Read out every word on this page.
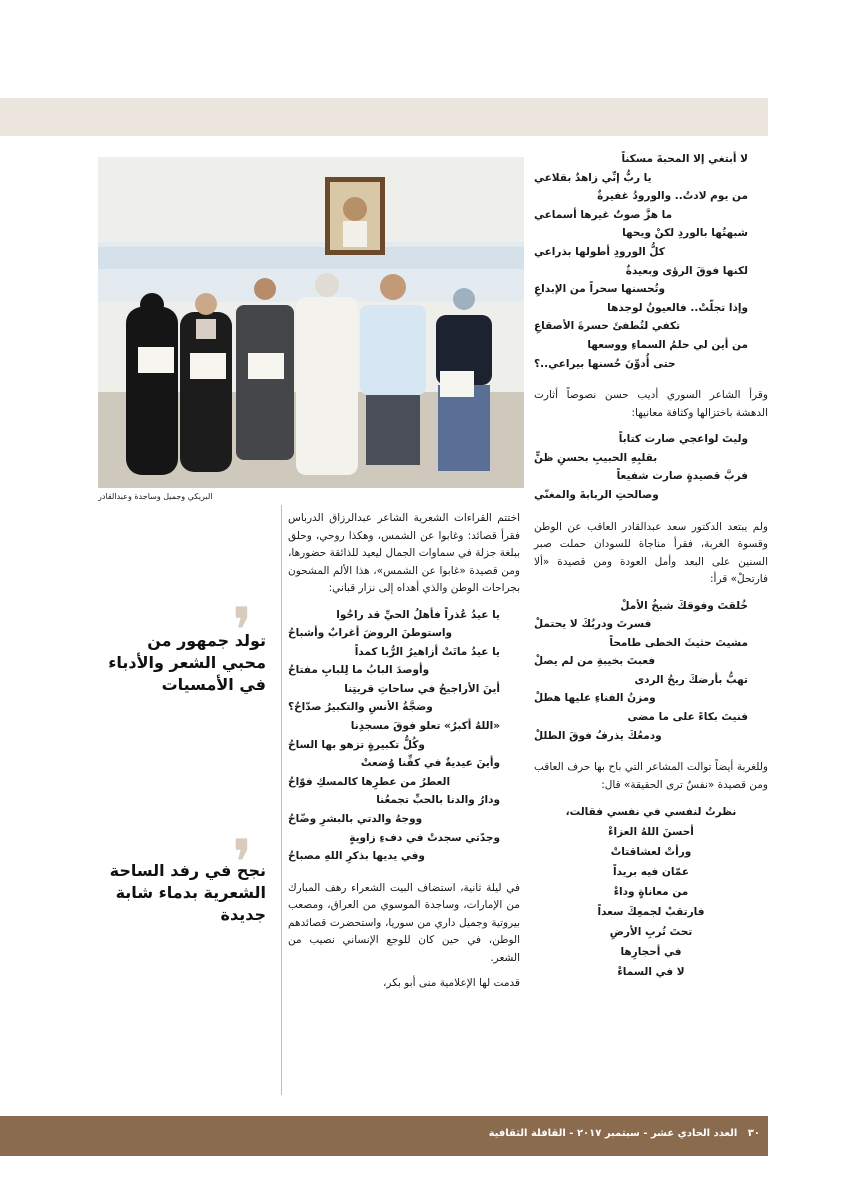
البريكي وجميل وساجدة وعبدالقادر
لا أبتغي إلا المحبةَ مسكناً
يا ربُّ إنِّي زاهدٌ بقلاعي
من يوم لادتُ.. والورودُ غفيرةٌ
ما هزَّ صوتٌ غيرها أسماعي
شبهتُها بالوردِ لكنْ ويحها
كلُّ الورودِ أطولها بذراعي
لكنها فوقَ الرؤى وبعيدةٌ
وتُحسنها سحراً من الإبداعِ
وإذا تجلّتْ.. فالعيونُ لوجدها
تكفي لتُطفئَ حسرةَ الأصقاعِ
من أين لي حلمُ السماءِ ووسعها
حتى أُدوِّنَ حُسنها بيراعي..؟

وقرأ الشاعر السوري أديب حسن نصوصاً أثارت الدهشة باختزالها وكثافة معانيها:

وليتَ لواعجي صارت كتاباً
بقلبِهِ الحبيبِ بحسنِ ظنٍّ
فربَّ قصيدةٍ صارت شفيعاً
وصالحتِ الربابةَ والمغنّي

ولم يبتعد الدكتور سعد عبدالقادر العاقب عن الوطن وقسوة الغربة، فقرأ مناجاة للسودان حملت صبر السنين على البعد وأمل العودة ومن قصيدة «ألا فارتحلْ» قرأ:

خُلقتَ وفوقكَ شيخُ الأملْ
فسرتَ ودربُكَ لا يحتملْ
مشيتَ حثيثَ الخطى طامحاً
فعبتَ بخيبةِ من لم يصلْ
تهبُّ بأرضكَ ريحُ الردى
ومزنُ الفناءِ عليها هطلْ
فنيتَ بكاءً على ما مضى
ودمعُكَ يذرفُ فوقَ الطللْ

وللغربة أيضاً توالت المشاعر التي باح بها حرف العاقب ومن قصيدة «نفسٌ ترى الحقيقة» قال:

نظرتُ لنفسي في نفسي فقالت،
أحسنَ اللهُ العزاءْ
ورأتْ لعشاقتاتْ
عمّان فيه بريداً
من معاناةٍ وداءْ
فارتقبْ لجمعِكَ سعداً
تحتَ تُربِ الأرضِ
في أحجارِها
لا في السماءْ

اختتم القراءات الشعرية الشاعر عبدالرزاق الدرباس فقرأ قصائد: وغابوا عن الشمس، وهكذا روحي، وحلق ببلغة جزلة في سماوات الجمال ليعيد للذائقة حضورها، ومن قصيدة «غابوا عن الشمس»، هذا الألم المشحون بجراحات الوطن والذي أهداه إلى نزار قباني:

يا عيدُ عُذراً فأهلُ الحيِّ قد راحُوا
واستوطنَ الروضَ أغرابٌ وأشباحُ
يا عيدُ ماتَتْ أزاهيرُ الرُّبا كمداً
وأوصدَ البابُ ما لِلبابِ مفتاحُ
أينَ الأراجيحُ في ساحاتِ قريتِنا
وضجَّةُ الأنسِ والتكبيرُ صدّاحُ؟
«اللهُ أكبرُ» تعلو فوقَ مسجدِنا
وكُلُّ تكبيرةٍ تزهو بها الساحُ
وأينَ عيديةٌ في كفِّنا وُضعتْ
العطرُ من عطرِها كالمسكِ فوّاحُ
ودارُ والدنا بالحبِّ تجمعُنا
ووجهُ والدتي بالبشرِ وضّاحُ
وجدّتي سجدتْ في دفءِ زاويةٍ
وفي يديها بذكرِ اللهِ مصباحُ

في ليلة ثانية، استضاف البيت الشعراء رهف المبارك من الإمارات، وساجدة الموسوي من العراق، ومصعب بيروتية وجميل داري من سوريا، واستحضرت قصائدهم الوطن، في حين كان للوجع الإنساني نصيب من الشعر.

قدمت لها الإعلامية منى أبو بكر،

❜
تولد جمهور من محبي الشعر والأدباء في الأمسيات
❜
نجح في رفد الساحة الشعرية بدماء شابة جديدة
٣٠   العدد الحادي عشر - سبتمبر ٢٠١٧ - القافلة الثقافية
